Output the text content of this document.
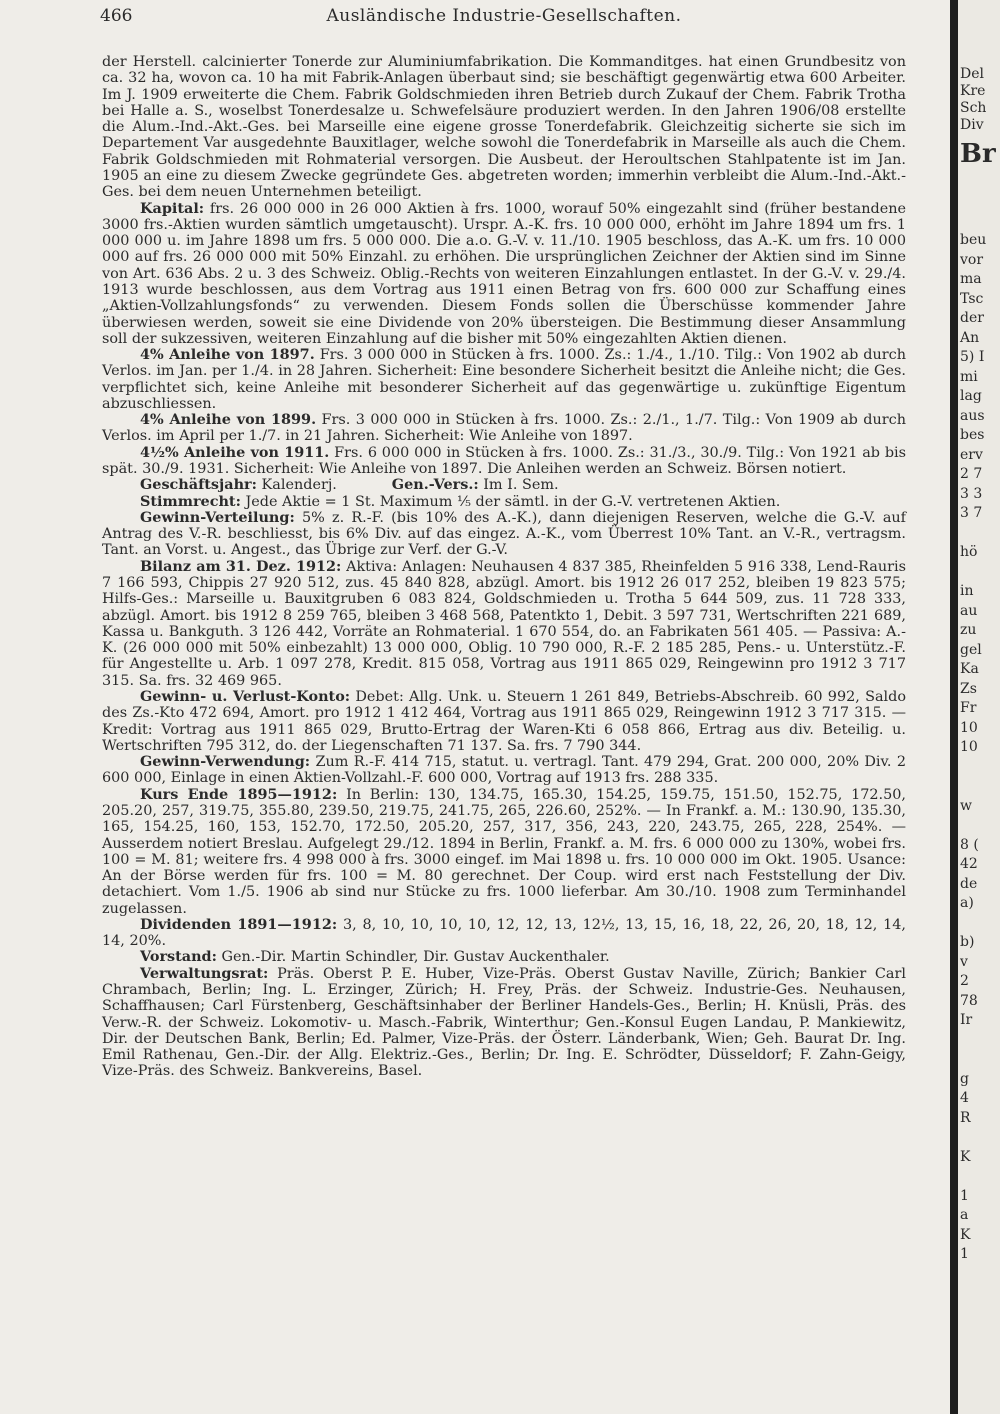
466	Ausländische Industrie-Gesellschaften.

der Herstell. calcinierter Tonerde zur Aluminiumfabrikation. Die Kommanditges. hat einen Grundbesitz von ca. 32 ha, wovon ca. 10 ha mit Fabrik-Anlagen überbaut sind; sie beschäftigt gegenwärtig etwa 600 Arbeiter. Im J. 1909 erweiterte die Chem. Fabrik Goldschmieden ihren Betrieb durch Zukauf der Chem. Fabrik Trotha bei Halle a. S., woselbst Tonerdesalze u. Schwefelsäure produziert werden. In den Jahren 1906/08 erstellte die Alum.-Ind.-Akt.-Ges. bei Marseille eine eigene grosse Tonerdefabrik. Gleichzeitig sicherte sie sich im Departement Var ausgedehnte Bauxitlager, welche sowohl die Tonerdefabrik in Marseille als auch die Chem. Fabrik Goldschmieden mit Rohmaterial versorgen. Die Ausbeut. der Heroultschen Stahlpatente ist im Jan. 1905 an eine zu diesem Zwecke gegründete Ges. abgetreten worden; immerhin verbleibt die Alum.-Ind.-Akt.-Ges. bei dem neuen Unternehmen beteiligt.

Kapital: frs. 26 000 000 in 26 000 Aktien à frs. 1000, worauf 50% eingezahlt sind (früher bestandene 3000 frs.-Aktien wurden sämtlich umgetauscht). Urspr. A.-K. frs. 10 000 000, erhöht im Jahre 1894 um frs. 1 000 000 u. im Jahre 1898 um frs. 5 000 000. Die a.o. G.-V. v. 11./10. 1905 beschloss, das A.-K. um frs. 10 000 000 auf frs. 26 000 000 mit 50% Einzahl. zu erhöhen. Die ursprünglichen Zeichner der Aktien sind im Sinne von Art. 636 Abs. 2 u. 3 des Schweiz. Oblig.-Rechts von weiteren Einzahlungen entlastet. In der G.-V. v. 29./4. 1913 wurde beschlossen, aus dem Vortrag aus 1911 einen Betrag von frs. 600 000 zur Schaffung eines „Aktien-Vollzahlungsfonds“ zu verwenden. Diesem Fonds sollen die Überschüsse kommender Jahre überwiesen werden, soweit sie eine Dividende von 20% übersteigen. Die Bestimmung dieser Ansammlung soll der sukzessiven, weiteren Einzahlung auf die bisher mit 50% eingezahlten Aktien dienen.

4% Anleihe von 1897. Frs. 3 000 000 in Stücken à frs. 1000. Zs.: 1./4., 1./10. Tilg.: Von 1902 ab durch Verlos. im Jan. per 1./4. in 28 Jahren. Sicherheit: Eine besondere Sicherheit besitzt die Anleihe nicht; die Ges. verpflichtet sich, keine Anleihe mit besonderer Sicherheit auf das gegenwärtige u. zukünftige Eigentum abzuschliessen.

4% Anleihe von 1899. Frs. 3 000 000 in Stücken à frs. 1000. Zs.: 2./1., 1./7. Tilg.: Von 1909 ab durch Verlos. im April per 1./7. in 21 Jahren. Sicherheit: Wie Anleihe von 1897.

4½% Anleihe von 1911. Frs. 6 000 000 in Stücken à frs. 1000. Zs.: 31./3., 30./9. Tilg.: Von 1921 ab bis spät. 30./9. 1931. Sicherheit: Wie Anleihe von 1897. Die Anleihen werden an Schweiz. Börsen notiert.

Geschäftsjahr: Kalenderj.	Gen.-Vers.: Im I. Sem.

Stimmrecht: Jede Aktie = 1 St. Maximum ⅕ der sämtl. in der G.-V. vertretenen Aktien.

Gewinn-Verteilung: 5% z. R.-F. (bis 10% des A.-K.), dann diejenigen Reserven, welche die G.-V. auf Antrag des V.-R. beschliesst, bis 6% Div. auf das eingez. A.-K., vom Überrest 10% Tant. an V.-R., vertragsm. Tant. an Vorst. u. Angest., das Übrige zur Verf. der G.-V.

Bilanz am 31. Dez. 1912: Aktiva: Anlagen: Neuhausen 4 837 385, Rheinfelden 5 916 338, Lend-Rauris 7 166 593, Chippis 27 920 512, zus. 45 840 828, abzügl. Amort. bis 1912 26 017 252, bleiben 19 823 575; Hilfs-Ges.: Marseille u. Bauxitgruben 6 083 824, Goldschmieden u. Trotha 5 644 509, zus. 11 728 333, abzügl. Amort. bis 1912 8 259 765, bleiben 3 468 568, Patentkto 1, Debit. 3 597 731, Wertschriften 221 689, Kassa u. Bankguth. 3 126 442, Vorräte an Rohmaterial. 1 670 554, do. an Fabrikaten 561 405. — Passiva: A.-K. (26 000 000 mit 50% einbezahlt) 13 000 000, Oblig. 10 790 000, R.-F. 2 185 285, Pens.- u. Unterstütz.-F. für Angestellte u. Arb. 1 097 278, Kredit. 815 058, Vortrag aus 1911 865 029, Reingewinn pro 1912 3 717 315. Sa. frs. 32 469 965.

Gewinn- u. Verlust-Konto: Debet: Allg. Unk. u. Steuern 1 261 849, Betriebs-Abschreib. 60 992, Saldo des Zs.-Kto 472 694, Amort. pro 1912 1 412 464, Vortrag aus 1911 865 029, Reingewinn 1912 3 717 315. — Kredit: Vortrag aus 1911 865 029, Brutto-Ertrag der Waren-Kti 6 058 866, Ertrag aus div. Beteilig. u. Wertschriften 795 312, do. der Liegenschaften 71 137. Sa. frs. 7 790 344.

Gewinn-Verwendung: Zum R.-F. 414 715, statut. u. vertragl. Tant. 479 294, Grat. 200 000, 20% Div. 2 600 000, Einlage in einen Aktien-Vollzahl.-F. 600 000, Vortrag auf 1913 frs. 288 335.

Kurs Ende 1895—1912: In Berlin: 130, 134.75, 165.30, 154.25, 159.75, 151.50, 152.75, 172.50, 205.20, 257, 319.75, 355.80, 239.50, 219.75, 241.75, 265, 226.60, 252%. — In Frankf. a. M.: 130.90, 135.30, 165, 154.25, 160, 153, 152.70, 172.50, 205.20, 257, 317, 356, 243, 220, 243.75, 265, 228, 254%. — Ausserdem notiert Breslau. Aufgelegt 29./12. 1894 in Berlin, Frankf. a. M. frs. 6 000 000 zu 130%, wobei frs. 100 = M. 81; weitere frs. 4 998 000 à frs. 3000 eingef. im Mai 1898 u. frs. 10 000 000 im Okt. 1905. Usance: An der Börse werden für frs. 100 = M. 80 gerechnet. Der Coup. wird erst nach Feststellung der Div. detachiert. Vom 1./5. 1906 ab sind nur Stücke zu frs. 1000 lieferbar. Am 30./10. 1908 zum Terminhandel zugelassen.

Dividenden 1891—1912: 3, 8, 10, 10, 10, 10, 12, 12, 13, 12½, 13, 15, 16, 18, 22, 26, 20, 18, 12, 14, 14, 20%.

Vorstand: Gen.-Dir. Martin Schindler, Dir. Gustav Auckenthaler.

Verwaltungsrat: Präs. Oberst P. E. Huber, Vize-Präs. Oberst Gustav Naville, Zürich; Bankier Carl Chrambach, Berlin; Ing. L. Erzinger, Zürich; H. Frey, Präs. der Schweiz. Industrie-Ges. Neuhausen, Schaffhausen; Carl Fürstenberg, Geschäftsinhaber der Berliner Handels-Ges., Berlin; H. Knüsli, Präs. des Verw.-R. der Schweiz. Lokomotiv- u. Masch.-Fabrik, Winterthur; Gen.-Konsul Eugen Landau, P. Mankiewitz, Dir. der Deutschen Bank, Berlin; Ed. Palmer, Vize-Präs. der Österr. Länderbank, Wien; Geh. Baurat Dr. Ing. Emil Rathenau, Gen.-Dir. der Allg. Elektriz.-Ges., Berlin; Dr. Ing. E. Schrödter, Düsseldorf; F. Zahn-Geigy, Vize-Präs. des Schweiz. Bankvereins, Basel.

Del
Kre
Sch
Div
Br
beu
vor
ma
Tsc
der
An
5) I
mi
lag
aus
bes
erv
2 7
3 3
3 7
hö
in
au
zu
gel
Ka
Zs
Fr
10
10
w
8 (
42
de
a)
b)
v
2
78
Ir
g
4
R
K
1
a
K
1
